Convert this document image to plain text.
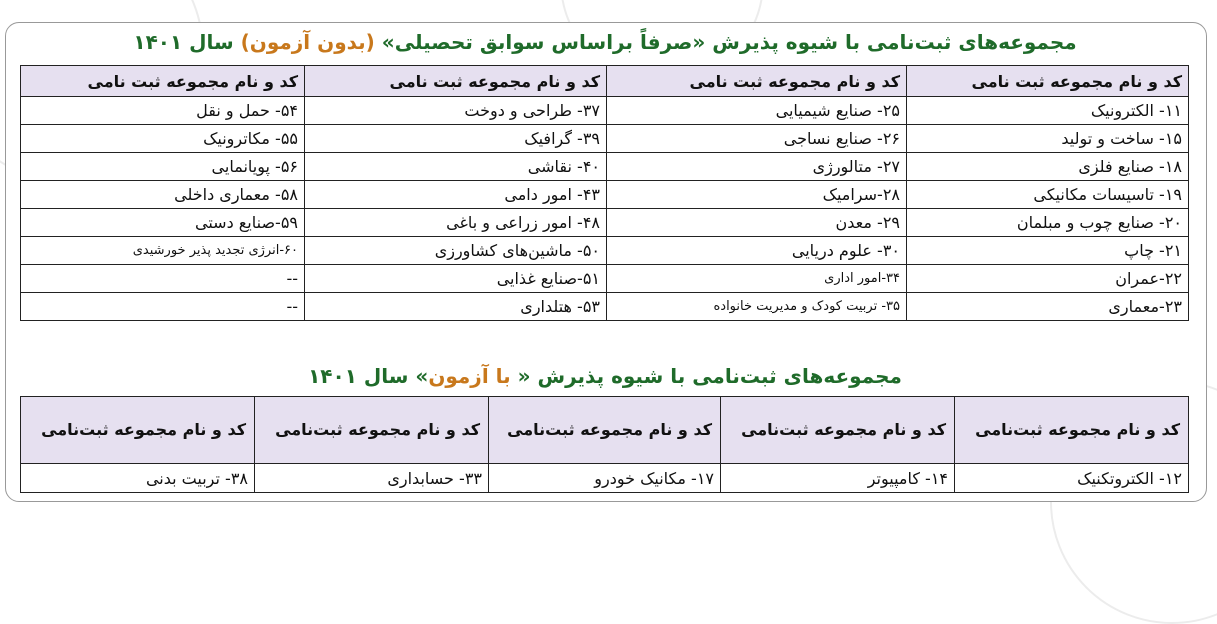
مجموعه‌های ثبت‌نامی با شیوه پذیرش «صرفاً براساس سوابق تحصیلی» (بدون آزمون) سال ۱۴۰۱
کد و نام مجموعه ثبت نامی	کد و نام مجموعه ثبت نامی	کد و نام مجموعه ثبت نامی	کد و نام مجموعه ثبت نامی
۱۱- الکترونیک	۲۵- صنایع شیمیایی	۳۷- طراحی و دوخت	۵۴- حمل و نقل
۱۵- ساخت و تولید	۲۶- صنایع نساجی	۳۹- گرافیک	۵۵- مکاترونیک
۱۸- صنایع فلزی	۲۷- متالورژی	۴۰- نقاشی	۵۶- پویانمایی
۱۹- تاسیسات مکانیکی	۲۸-سرامیک	۴۳- امور دامی	۵۸- معماری داخلی
۲۰- صنایع چوب و مبلمان	۲۹- معدن	۴۸- امور زراعی و باغی	۵۹-صنایع دستی
۲۱- چاپ	۳۰- علوم دریایی	۵۰- ماشین‌های کشاورزی	۶۰-انرژی تجدید پذیر خورشیدی
۲۲-عمران	۳۴-امور اداری	۵۱-صنایع غذایی	--
۲۳-معماری	۳۵- تربیت کودک و مدیریت خانواده	۵۳- هتلداری	--
مجموعه‌های ثبت‌نامی با شیوه پذیرش « با آزمون» سال ۱۴۰۱
کد و نام مجموعه ثبت‌نامی	کد و نام مجموعه ثبت‌نامی	کد و نام مجموعه ثبت‌نامی	کد و نام مجموعه ثبت‌نامی	کد و نام مجموعه ثبت‌نامی
۱۲- الکتروتکنیک	۱۴- کامپیوتر	۱۷- مکانیک خودرو	۳۳- حسابداری	۳۸- تربیت بدنی
